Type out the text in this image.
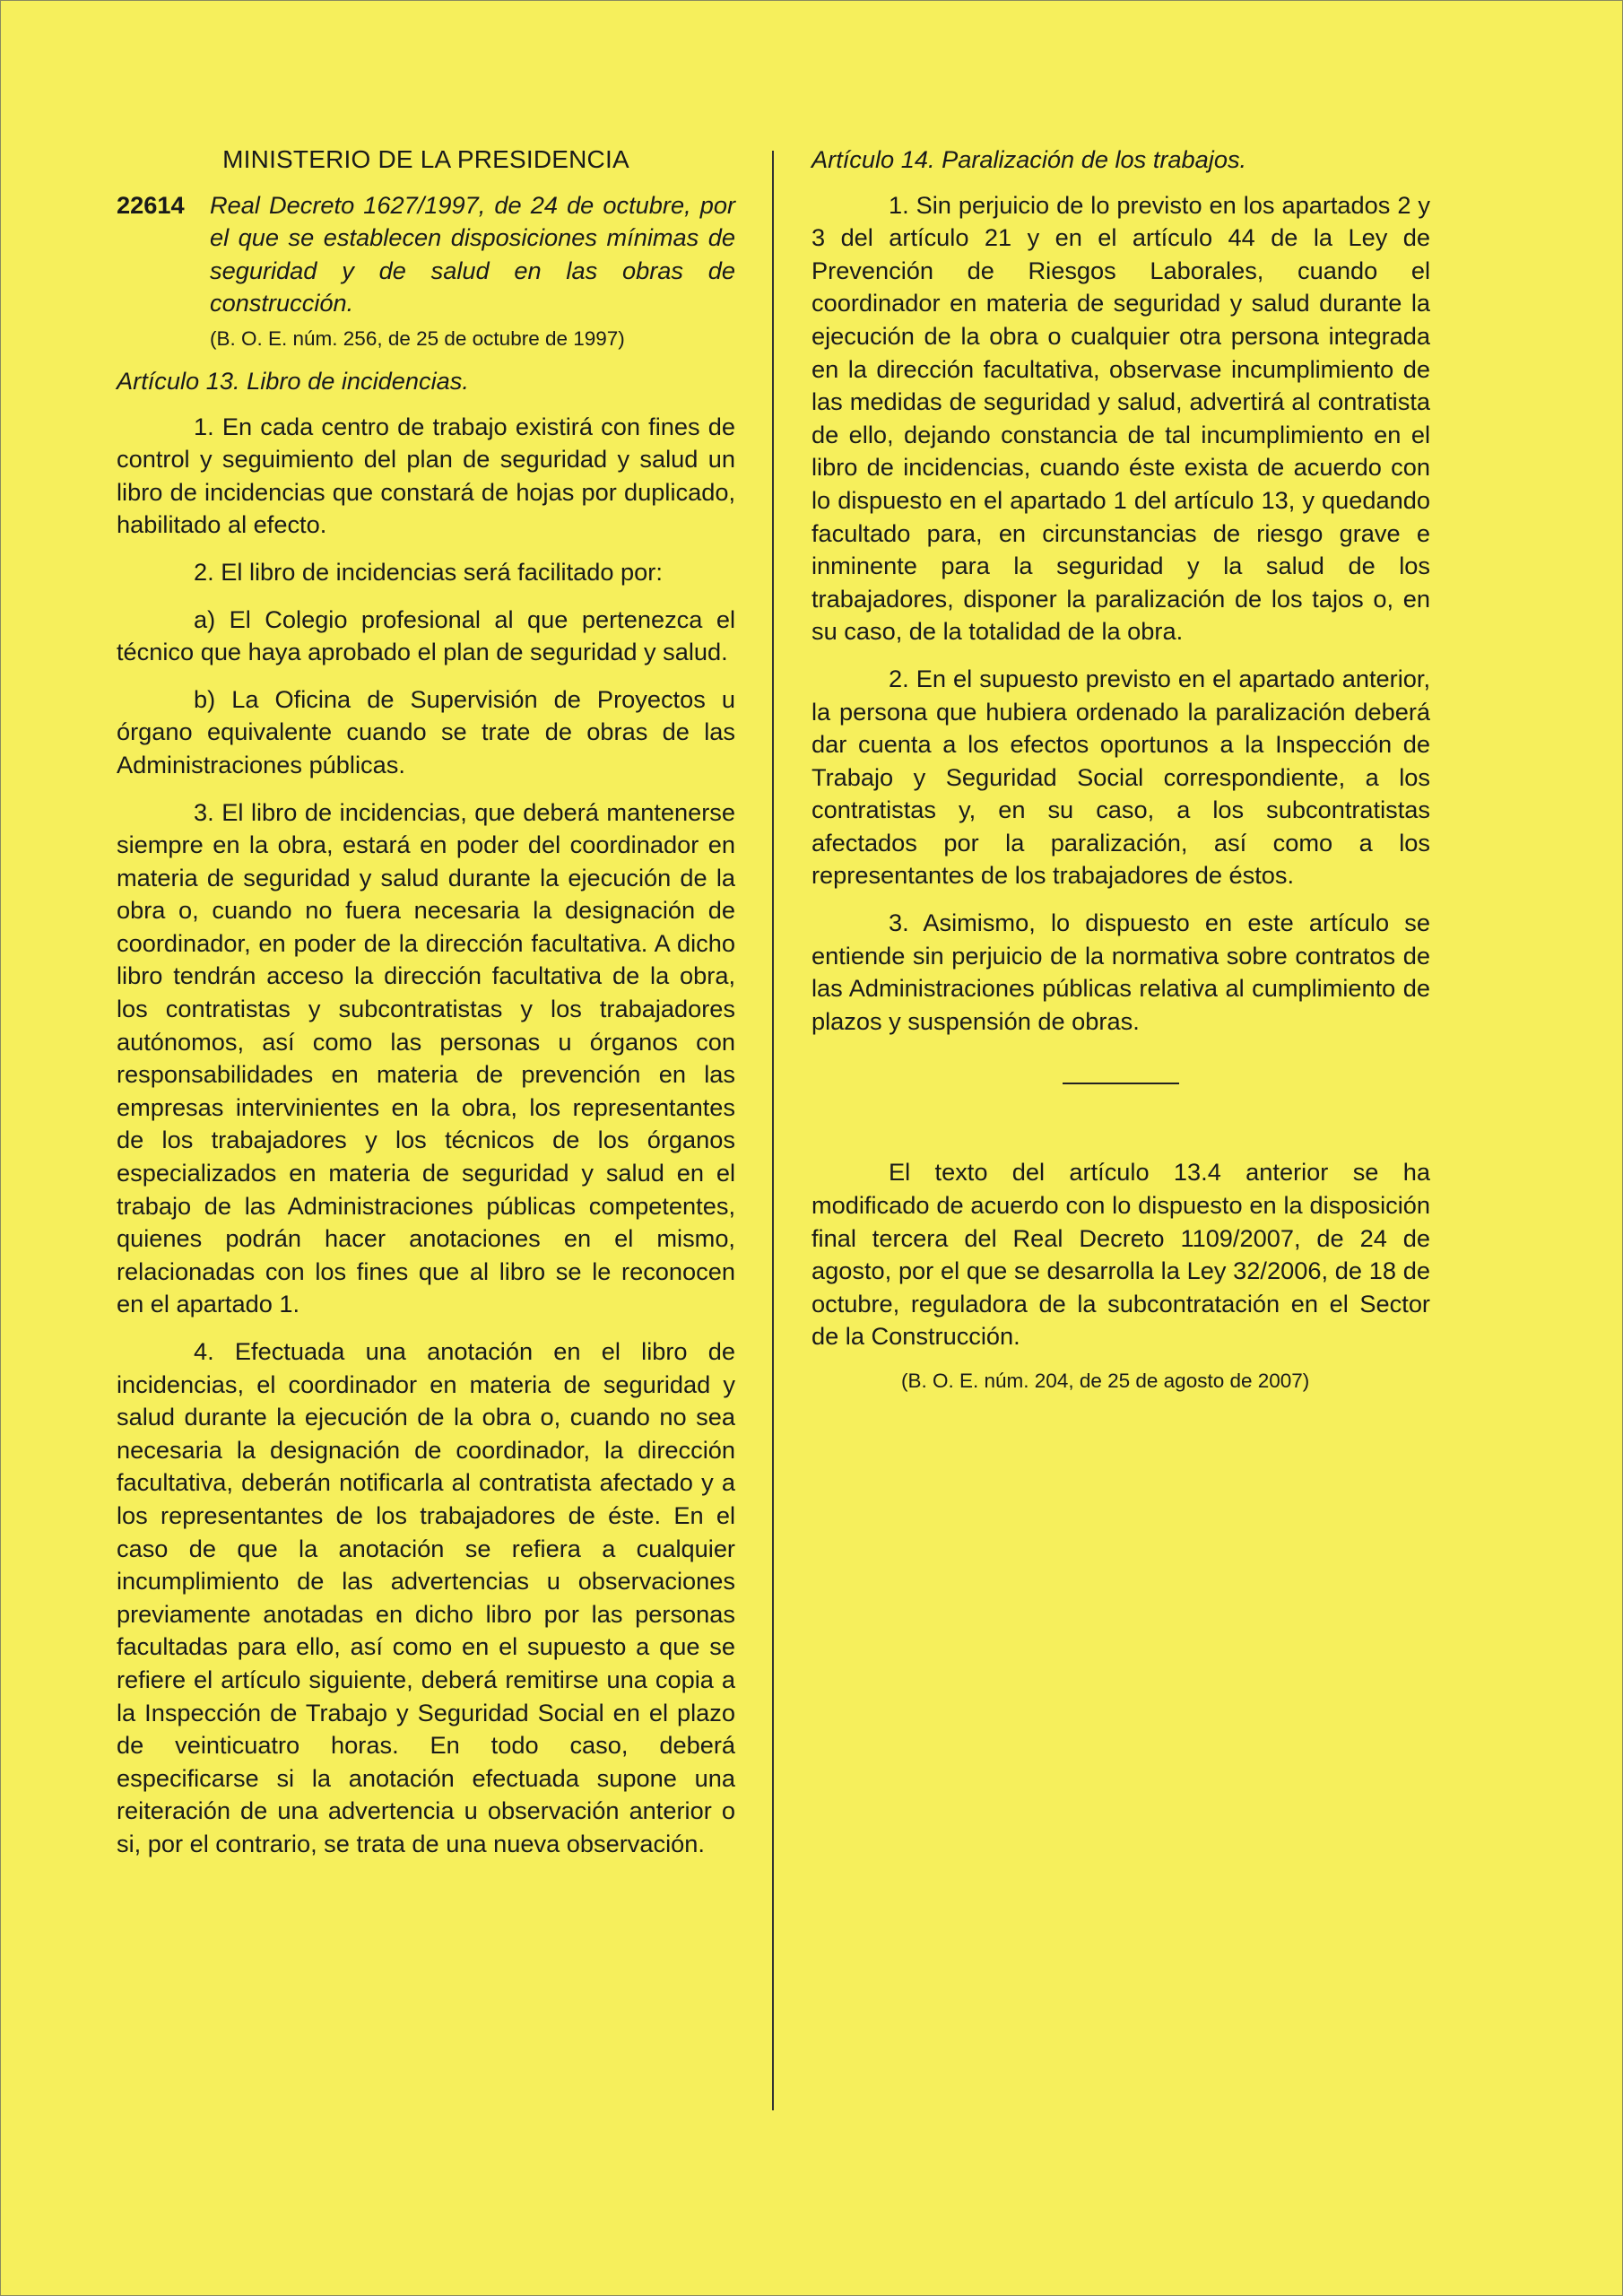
MINISTERIO DE LA PRESIDENCIA

22614	Real Decreto 1627/1997, de 24 de octubre, por el que se establecen disposiciones mínimas de seguridad y de salud en las obras de construcción.

(B. O. E. núm. 256, de 25 de octubre de 1997)

Artículo 13. Libro de incidencias.

1. En cada centro de trabajo existirá con fines de control y seguimiento del plan de seguridad y salud un libro de incidencias que constará de hojas por duplicado, habilitado al efecto.

2. El libro de incidencias será facilitado por:

a) El Colegio profesional al que pertenezca el técnico que haya aprobado el plan de seguridad y salud.

b) La Oficina de Supervisión de Proyectos u órgano equivalente cuando se trate de obras de las Administraciones públicas.

3. El libro de incidencias, que deberá mantenerse siempre en la obra, estará en poder del coordinador en materia de seguridad y salud durante la ejecución de la obra o, cuando no fuera necesaria la designación de coordinador, en poder de la dirección facultativa. A dicho libro tendrán acceso la dirección facultativa de la obra, los contratistas y subcontratistas y los trabajadores autónomos, así como las personas u órganos con responsabilidades en materia de prevención en las empresas intervinientes en la obra, los representantes de los trabajadores y los técnicos de los órganos especializados en materia de seguridad y salud en el trabajo de las Administraciones públicas competentes, quienes podrán hacer anotaciones en el mismo, relacionadas con los fines que al libro se le reconocen en el apartado 1.

4. Efectuada una anotación en el libro de incidencias, el coordinador en materia de seguridad y salud durante la ejecución de la obra o, cuando no sea necesaria la designación de coordinador, la dirección facultativa, deberán notificarla al contratista afectado y a los representantes de los trabajadores de éste. En el caso de que la anotación se refiera a cualquier incumplimiento de las advertencias u observaciones previamente anotadas en dicho libro por las personas facultadas para ello, así como en el supuesto a que se refiere el artículo siguiente, deberá remitirse una copia a la Inspección de Trabajo y Seguridad Social en el plazo de veinticuatro horas. En todo caso, deberá especificarse si la anotación efectuada supone una reiteración de una advertencia u observación anterior o si, por el contrario, se trata de una nueva observación.

Artículo 14. Paralización de los trabajos.

1. Sin perjuicio de lo previsto en los apartados 2 y 3 del artículo 21 y en el artículo 44 de la Ley de Prevención de Riesgos Laborales, cuando el coordinador en materia de seguridad y salud durante la ejecución de la obra o cualquier otra persona integrada en la dirección facultativa, observase incumplimiento de las medidas de seguridad y salud, advertirá al contratista de ello, dejando constancia de tal incumplimiento en el libro de incidencias, cuando éste exista de acuerdo con lo dispuesto en el apartado 1 del artículo 13, y quedando facultado para, en circunstancias de riesgo grave e inminente para la seguridad y la salud de los trabajadores, disponer la paralización de los tajos o, en su caso, de la totalidad de la obra.

2. En el supuesto previsto en el apartado anterior, la persona que hubiera ordenado la paralización deberá dar cuenta a los efectos oportunos a la Inspección de Trabajo y Seguridad Social correspondiente, a los contratistas y, en su caso, a los subcontratistas afectados por la paralización, así como a los representantes de los trabajadores de éstos.

3. Asimismo, lo dispuesto en este artículo se entiende sin perjuicio de la normativa sobre contratos de las Administraciones públicas relativa al cumplimiento de plazos y suspensión de obras.

El texto del artículo 13.4 anterior se ha modificado de acuerdo con lo dispuesto en la disposición final tercera del Real Decreto 1109/2007, de 24 de agosto, por el que se desarrolla la Ley 32/2006, de 18 de octubre, reguladora de la subcontratación en el Sector de la Construcción.

(B. O. E. núm. 204, de 25 de agosto de 2007)
